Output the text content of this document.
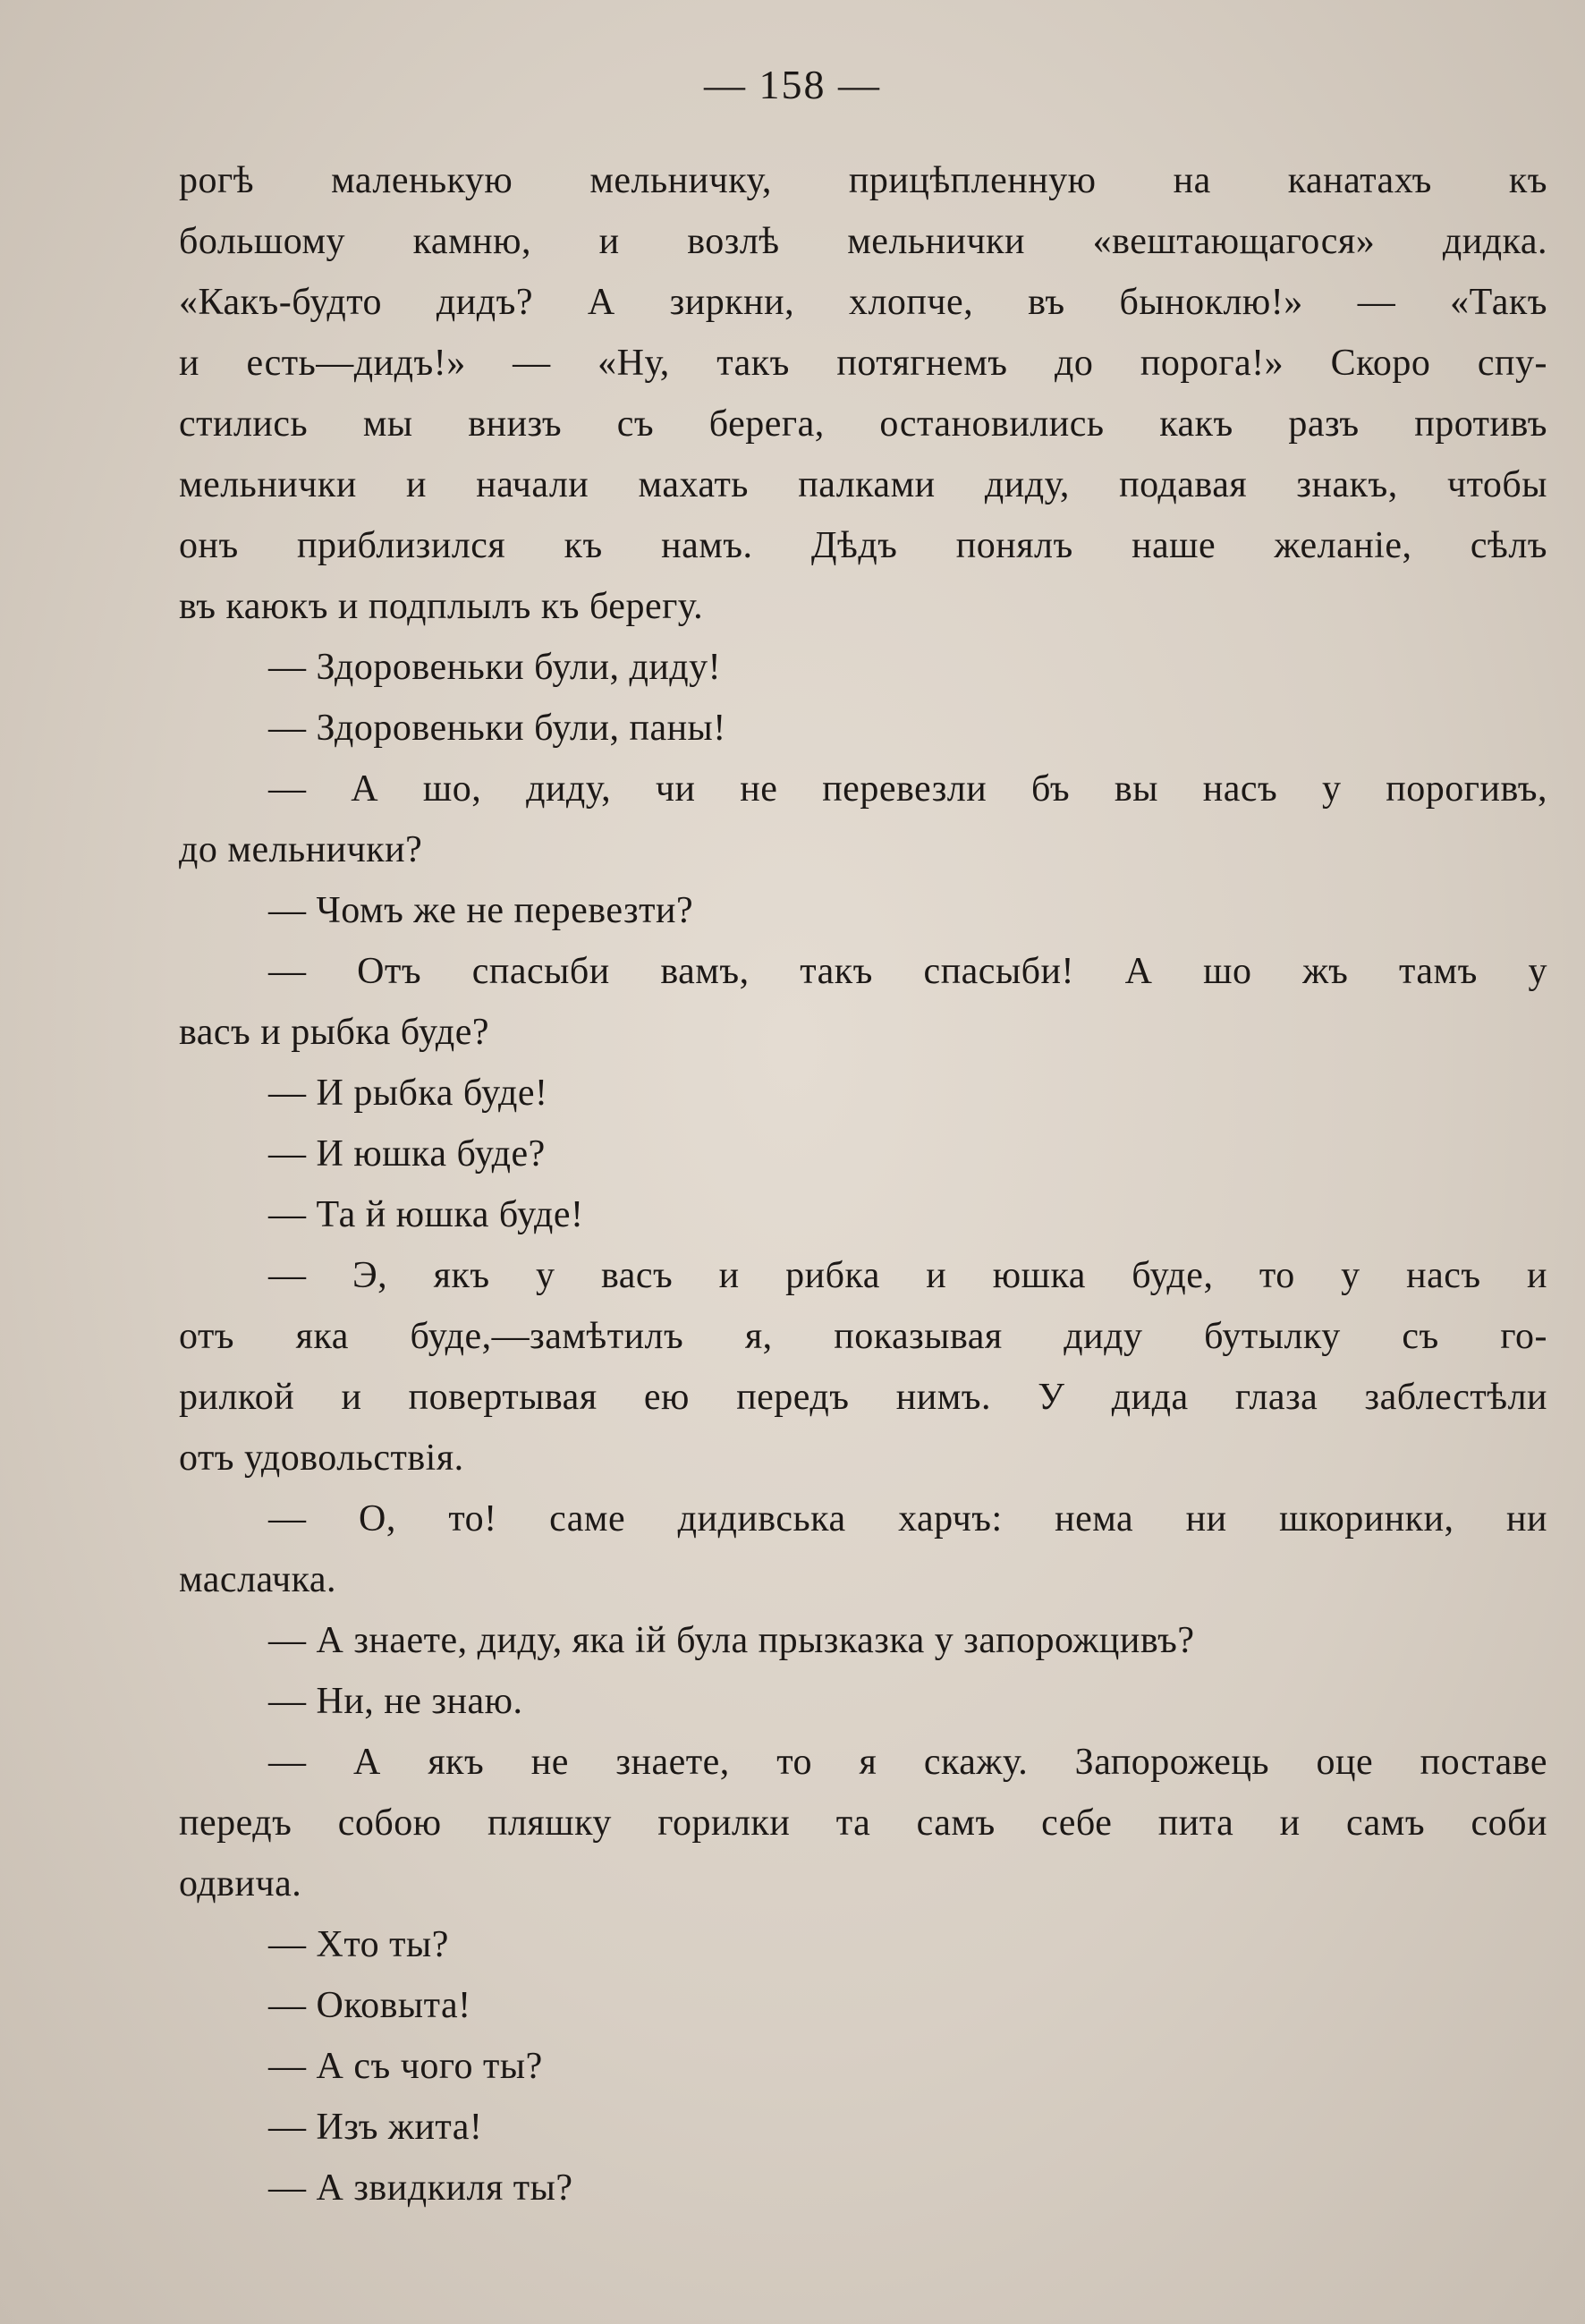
— 158 —
рогѣ маленькую мельничку, прицѣпленную на канатахъ къ
большому камню, и возлѣ мельнички «вештающагося» дидка.
«Какъ-будто дидъ? А зиркни, хлопче, въ быноклю!» — «Такъ
и есть—дидъ!» — «Ну, такъ потягнемъ до порога!» Скоро спу-
стились мы внизъ съ берега, остановились какъ разъ противъ
мельнички и начали махать палками диду, подавая знакъ, чтобы
онъ приблизился къ намъ. Дѣдъ понялъ наше желаніе, сѣлъ
въ каюкъ и подплылъ къ берегу.
— Здоровеньки були, диду!
— Здоровеньки були, паны!
— А шо, диду, чи не перевезли бъ вы насъ у порогивъ,
до мельнички?
— Чомъ же не перевезти?
— Отъ спасыби вамъ, такъ спасыби! А шо жъ тамъ у
васъ и рыбка буде?
— И рыбка буде!
— И юшка буде?
— Та й юшка буде!
— Э, якъ у васъ и рибка и юшка буде, то у насъ и
отъ яка буде,—замѣтилъ я, показывая диду бутылку съ го-
рилкой и повертывая ею передъ нимъ. У дида глаза заблестѣли
отъ удовольствія.
— О, то! саме дидивська харчъ: нема ни шкоринки, ни
маслачка.
— А знаете, диду, яка iй була прызказка у запорожцивъ?
— Ни, не знаю.
— А якъ не знаете, то я скажу. Запорожець оце поставе
передъ собою пляшку горилки та самъ себе пита и самъ соби
одвича.
— Хто ты?
— Оковыта!
— А съ чого ты?
— Изъ жита!
— А звидкиля ты?
